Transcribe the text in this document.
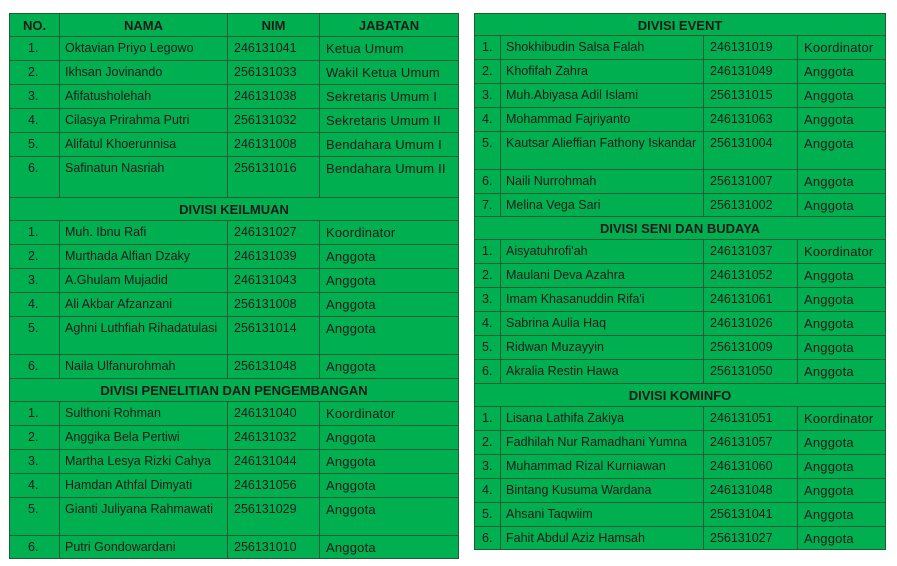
NO.	NAMA	NIM	JABATAN
1.	Oktavian Priyo Legowo	246131041	Ketua Umum
2.	Ikhsan Jovinando	256131033	Wakil Ketua Umum
3.	Afifatusholehah	246131038	Sekretaris Umum I
4.	Cilasya Prirahma Putri	256131032	Sekretaris Umum II
5.	Alifatul Khoerunnisa	246131008	Bendahara Umum I
6.	Safinatun Nasriah	256131016	Bendahara Umum II
DIVISI KEILMUAN			
1.	Muh. Ibnu Rafi	246131027	Koordinator
2.	Murthada Alfian Dzaky	246131039	Anggota
3.	A.Ghulam Mujadid	246131043	Anggota
4.	Ali Akbar Afzanzani	256131008	Anggota
5.	Aghni Luthfiah Rihadatulasi	256131014	Anggota
6.	Naila Ulfanurohmah	256131048	Anggota
DIVISI PENELITIAN DAN PENGEMBANGAN			
1.	Sulthoni Rohman	246131040	Koordinator
2.	Anggika Bela Pertiwi	246131032	Anggota
3.	Martha Lesya Rizki Cahya	246131044	Anggota
4.	Hamdan Athfal Dimyati	246131056	Anggota
5.	Gianti Juliyana Rahmawati	256131029	Anggota
6.	Putri Gondowardani	256131010	Anggota
DIVISI EVENT			
1.	Shokhibudin Salsa Falah	246131019	Koordinator
2.	Khofifah Zahra	246131049	Anggota
3.	Muh.Abiyasa Adil Islami	256131015	Anggota
4.	Mohammad Fajriyanto	246131063	Anggota
5.	Kautsar Alieffian Fathony Iskandar	256131004	Anggota
6.	Naili Nurrohmah	256131007	Anggota
7.	Melina Vega Sari	256131002	Anggota
DIVISI SENI DAN BUDAYA			
1.	Aisyatuhrofi'ah	246131037	Koordinator
2.	Maulani Deva Azahra	246131052	Anggota
3.	Imam Khasanuddin Rifa'i	246131061	Anggota
4.	Sabrina Aulia Haq	246131026	Anggota
5.	Ridwan Muzayyin	256131009	Anggota
6.	Akralia Restin Hawa	256131050	Anggota
DIVISI KOMINFO			
1.	Lisana Lathifa Zakiya	246131051	Koordinator
2.	Fadhilah Nur Ramadhani Yumna	246131057	Anggota
3.	Muhammad Rizal Kurniawan	246131060	Anggota
4.	Bintang Kusuma Wardana	246131048	Anggota
5.	Ahsani Taqwiim	256131041	Anggota
6.	Fahit Abdul Aziz Hamsah	256131027	Anggota
